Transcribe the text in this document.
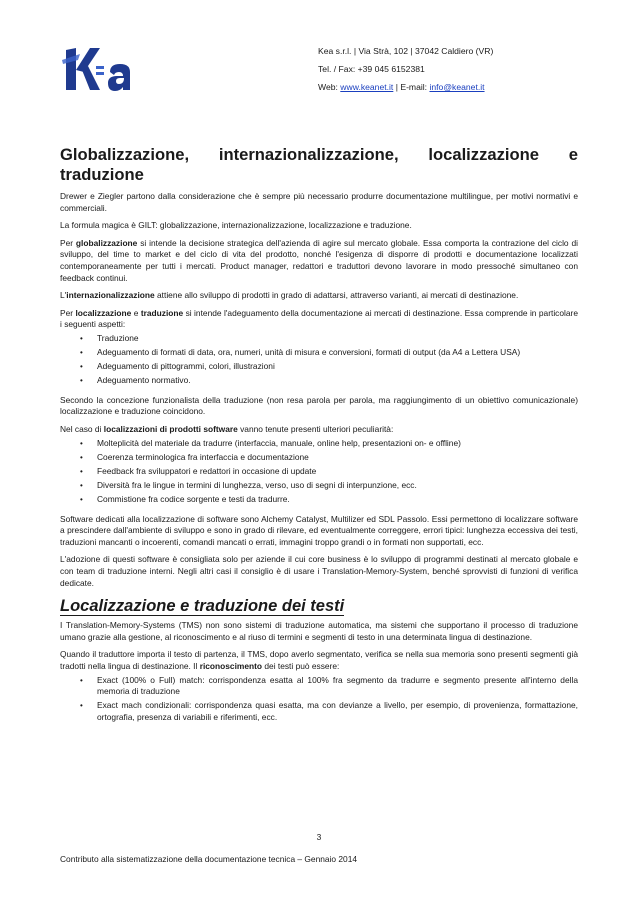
Kea s.r.l. | Via Strà, 102 | 37042 Caldiero (VR)
Tel. / Fax: +39 045 6152381
Web: www.keanet.it | E-mail: info@keanet.it
Globalizzazione, internazionalizzazione, localizzazione e
traduzione

Drewer e Ziegler partono dalla considerazione che è sempre più necessario produrre documentazione multilingue, per motivi normativi e commerciali.

La formula magica è GILT: globalizzazione, internazionalizzazione, localizzazione e traduzione.

Per globalizzazione si intende la decisione strategica dell'azienda di agire sul mercato globale. Essa comporta la contrazione del ciclo di sviluppo, del time to market e del ciclo di vita del prodotto, nonché l'esigenza di disporre di prodotti e documentazione localizzati contemporaneamente per tutti i mercati. Product manager, redattori e traduttori devono lavorare in modo pressoché simultaneo con feedback continui.

L'internazionalizzazione attiene allo sviluppo di prodotti in grado di adattarsi, attraverso varianti, ai mercati di destinazione.

Per localizzazione e traduzione si intende l'adeguamento della documentazione ai mercati di destinazione. Essa comprende in particolare i seguenti aspetti:

• Traduzione
• Adeguamento di formati di data, ora, numeri, unità di misura e conversioni, formati di output (da A4 a Lettera USA)
• Adeguamento di pittogrammi, colori, illustrazioni
• Adeguamento normativo.

Secondo la concezione funzionalista della traduzione (non resa parola per parola, ma raggiungimento di un obiettivo comunicazionale) localizzazione e traduzione coincidono.

Nel caso di localizzazioni di prodotti software vanno tenute presenti ulteriori peculiarità:

• Molteplicità del materiale da tradurre (interfaccia, manuale, online help, presentazioni on- e offline)
• Coerenza terminologica fra interfaccia e documentazione
• Feedback fra sviluppatori e redattori in occasione di update
• Diversità fra le lingue in termini di lunghezza, verso, uso di segni di interpunzione, ecc.
• Commistione fra codice sorgente e testi da tradurre.

Software dedicati alla localizzazione di software sono Alchemy Catalyst, Multilizer ed SDL Passolo. Essi permettono di localizzare software a prescindere dall'ambiente di sviluppo e sono in grado di rilevare, ed eventualmente correggere, errori tipici: lunghezza eccessiva dei testi, traduzioni mancanti o incoerenti, comandi mancati o errati, immagini troppo grandi o in formati non supportati, ecc.

L'adozione di questi software è consigliata solo per aziende il cui core business è lo sviluppo di programmi destinati al mercato globale e con team di traduzione interni. Negli altri casi il consiglio è di usare i Translation-Memory-System, benché sprovvisti di funzioni di verifica dedicate.

Localizzazione e traduzione dei testi

I Translation-Memory-Systems (TMS) non sono sistemi di traduzione automatica, ma sistemi che supportano il processo di traduzione umano grazie alla gestione, al riconoscimento e al riuso di termini e segmenti di testo in una determinata lingua di destinazione.

Quando il traduttore importa il testo di partenza, il TMS, dopo averlo segmentato, verifica se nella sua memoria sono presenti segmenti già tradotti nella lingua di destinazione. Il riconoscimento dei testi può essere:

• Exact (100% o Full) match: corrispondenza esatta al 100% fra segmento da tradurre e segmento presente all'interno della memoria di traduzione
• Exact mach condizionali: corrispondenza quasi esatta, ma con devianze a livello, per esempio, di provenienza, formattazione, ortografia, presenza di variabili e riferimenti, ecc.
3
Contributo alla sistematizzazione della documentazione tecnica – Gennaio 2014
